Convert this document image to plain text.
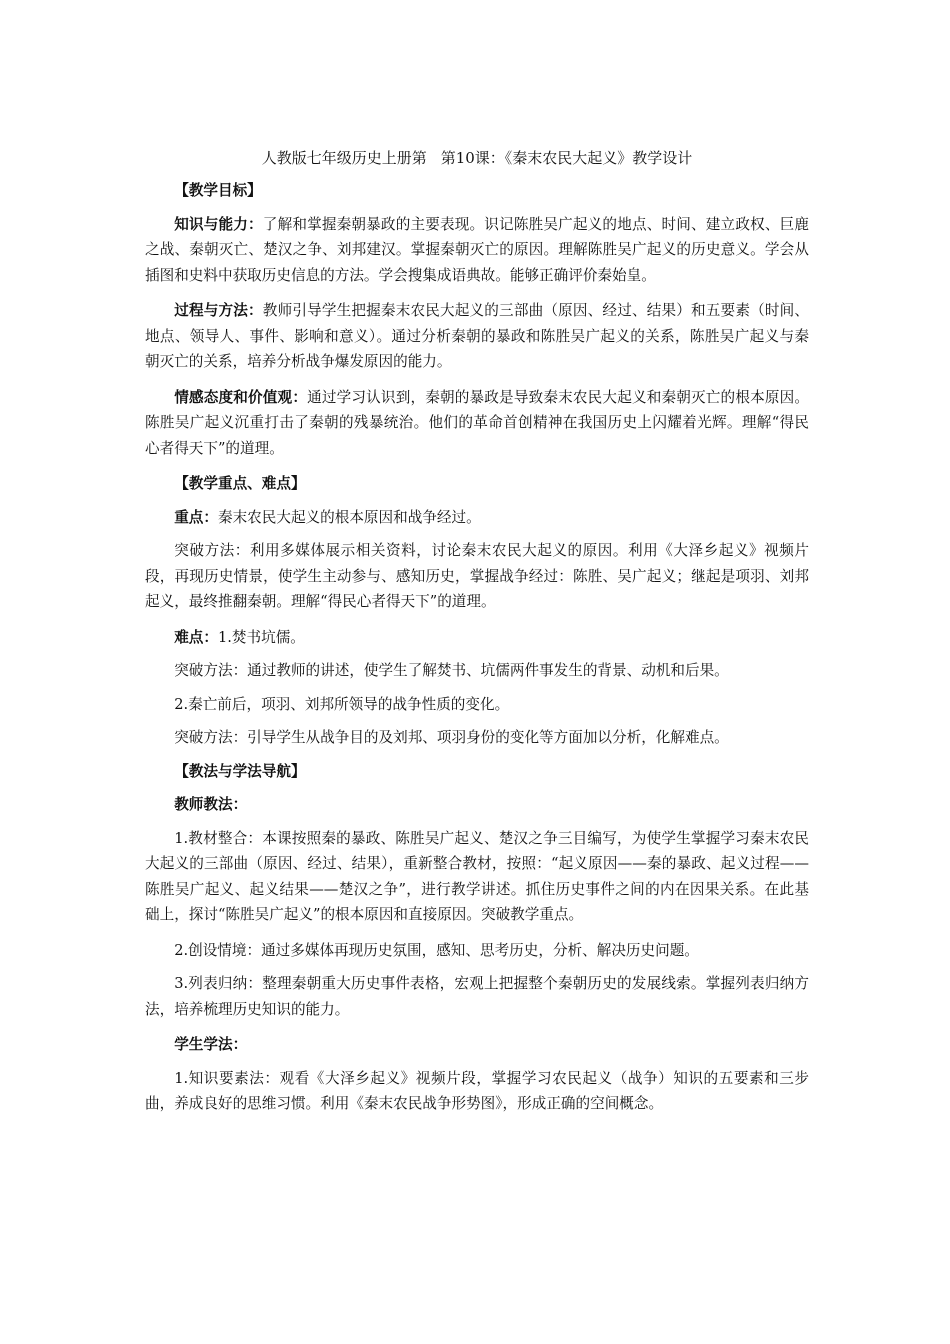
人教版七年级历史上册第 第10课：《秦末农民大起义》教学设计

【教学目标】

知识与能力：了解和掌握秦朝暴政的主要表现。识记陈胜吴广起义的地点、时间、建立政权、巨鹿之战、秦朝灭亡、楚汉之争、刘邦建汉。掌握秦朝灭亡的原因。理解陈胜吴广起义的历史意义。学会从插图和史料中获取历史信息的方法。学会搜集成语典故。能够正确评价秦始皇。

过程与方法：教师引导学生把握秦末农民大起义的三部曲（原因、经过、结果）和五要素（时间、地点、领导人、事件、影响和意义）。通过分析秦朝的暴政和陈胜吴广起义的关系，陈胜吴广起义与秦朝灭亡的关系，培养分析战争爆发原因的能力。

情感态度和价值观：通过学习认识到，秦朝的暴政是导致秦末农民大起义和秦朝灭亡的根本原因。陈胜吴广起义沉重打击了秦朝的残暴统治。他们的革命首创精神在我国历史上闪耀着光辉。理解“得民心者得天下”的道理。

【教学重点、难点】

重点：秦末农民大起义的根本原因和战争经过。

突破方法：利用多媒体展示相关资料，讨论秦末农民大起义的原因。利用《大泽乡起义》视频片段，再现历史情景，使学生主动参与、感知历史，掌握战争经过：陈胜、吴广起义；继起是项羽、刘邦起义，最终推翻秦朝。理解“得民心者得天下”的道理。

难点：1.焚书坑儒。

突破方法：通过教师的讲述，使学生了解焚书、坑儒两件事发生的背景、动机和后果。

2.秦亡前后，项羽、刘邦所领导的战争性质的变化。

突破方法：引导学生从战争目的及刘邦、项羽身份的变化等方面加以分析，化解难点。

【教法与学法导航】

教师教法：

1.教材整合：本课按照秦的暴政、陈胜吴广起义、楚汉之争三目编写，为使学生掌握学习秦末农民大起义的三部曲（原因、经过、结果），重新整合教材，按照：“起义原因——秦的暴政、起义过程——陈胜吴广起义、起义结果——楚汉之争”，进行教学讲述。抓住历史事件之间的内在因果关系。在此基础上，探讨“陈胜吴广起义”的根本原因和直接原因。突破教学重点。

2.创设情境：通过多媒体再现历史氛围，感知、思考历史，分析、解决历史问题。

3.列表归纳：整理秦朝重大历史事件表格，宏观上把握整个秦朝历史的发展线索。掌握列表归纳方法，培养梳理历史知识的能力。

学生学法：

1.知识要素法：观看《大泽乡起义》视频片段，掌握学习农民起义（战争）知识的五要素和三步曲，养成良好的思维习惯。利用《秦末农民战争形势图》，形成正确的空间概念。
